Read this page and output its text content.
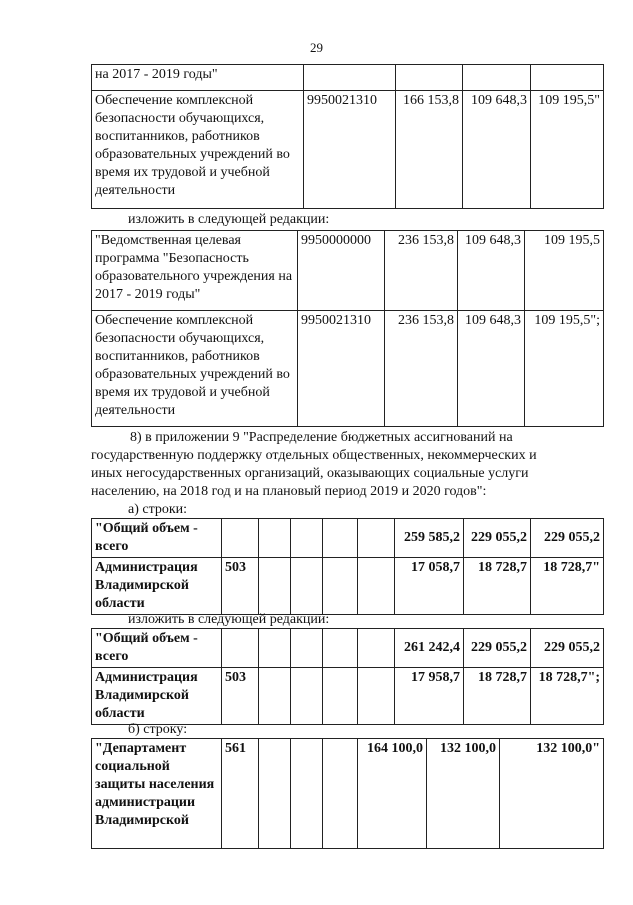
29
на 2017 - 2019 годы"				
Обеспечение комплексной безопасности обучающихся, воспитанников, работников образовательных учреждений во время их трудовой и учебной деятельности	9950021310	166 153,8	109 648,3	109 195,5"
изложить в следующей редакции:
"Ведомственная целевая программа "Безопасность образовательного учреждения на 2017 - 2019 годы"	9950000000	236 153,8	109 648,3	109 195,5
Обеспечение комплексной безопасности обучающихся, воспитанников, работников образовательных учреждений во время их трудовой и учебной деятельности	9950021310	236 153,8	109 648,3	109 195,5";
8) в приложении 9 "Распределение бюджетных ассигнований на
государственную поддержку отдельных общественных, некоммерческих и
иных негосударственных организаций, оказывающих социальные услуги
населению, на 2018 год и на плановый период 2019 и 2020 годов":
а) строки:
"Общий объем - всего						259 585,2	229 055,2	229 055,2
Администрация Владимирской области	503					17 058,7	18 728,7	18 728,7"
изложить в следующей редакции:
"Общий объем - всего						261 242,4	229 055,2	229 055,2
Администрация Владимирской области	503					17 958,7	18 728,7	18 728,7";
б) строку:
"Департамент социальной защиты населения администрации Владимирской	561				164 100,0	132 100,0	132 100,0"
